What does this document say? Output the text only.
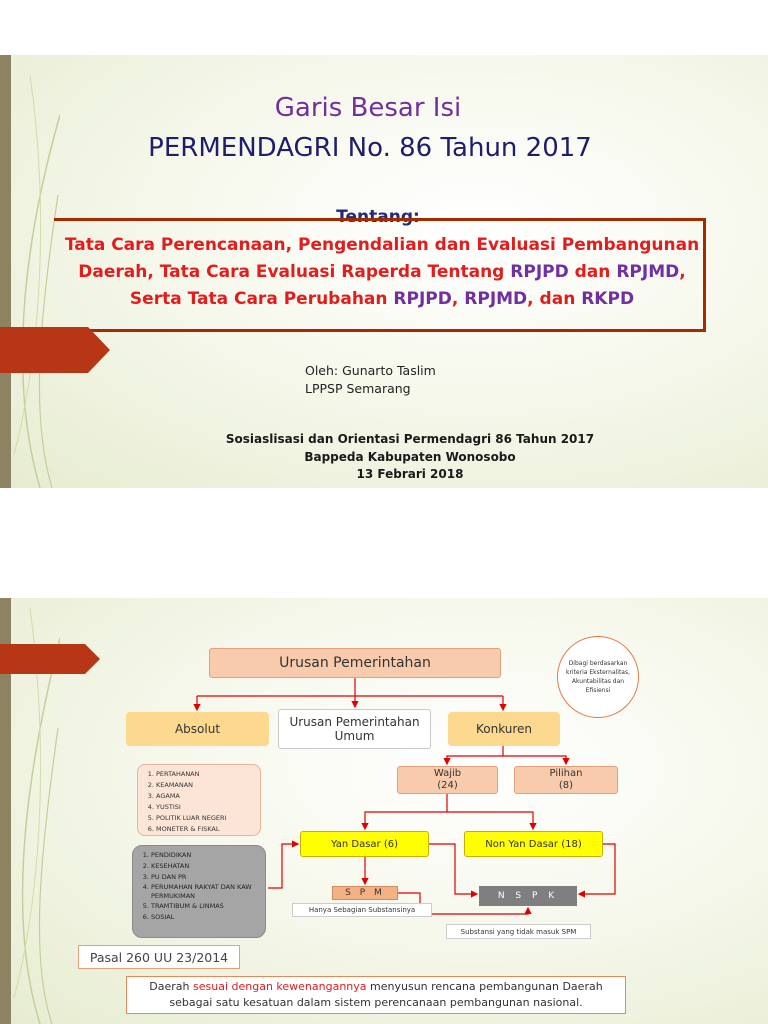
Garis Besar Isi
PERMENDAGRI No. 86 Tahun 2017
Tentang:
Tata Cara Perencanaan, Pengendalian dan Evaluasi Pembangunan
Daerah, Tata Cara Evaluasi Raperda Tentang RPJPD dan RPJMD,
Serta Tata Cara Perubahan RPJPD, RPJMD, dan RKPD
Oleh: Gunarto Taslim
LPPSP Semarang
Sosiaslisasi dan Orientasi Permendagri 86 Tahun 2017
Bappeda Kabupaten Wonosobo
13 Febrari 2018
Urusan Pemerintahan	Dibagi berdasarkan kriteria Eksternalitas, Akuntabilitas dan Efisiensi
Absolut	Urusan Pemerintahan Umum	Konkuren
Wajib
(24)
Pilihan
(8)
1. PERTAHANAN
2. KEAMANAN
3. AGAMA
4. YUSTISI
5. POLITIK LUAR NEGERI
6. MONETER & FISKAL
1. PENDIDIKAN
2. KESEHATAN
3. PU DAN PR
4. PERUMAHAN RAKYAT DAN KAW PERMUKIMAN
5. TRAMTIBUM & LINMAS
6. SOSIAL
Yan Dasar (6)	Non Yan Dasar (18)
S P M
Hanya Sebagian Substansinya
N S P K
Substansi yang tidak masuk SPM
Pasal 260 UU 23/2014
Daerah sesuai dengan kewenangannya menyusun rencana pembangunan Daerah
sebagai satu kesatuan dalam sistem perencanaan pembangunan nasional.
